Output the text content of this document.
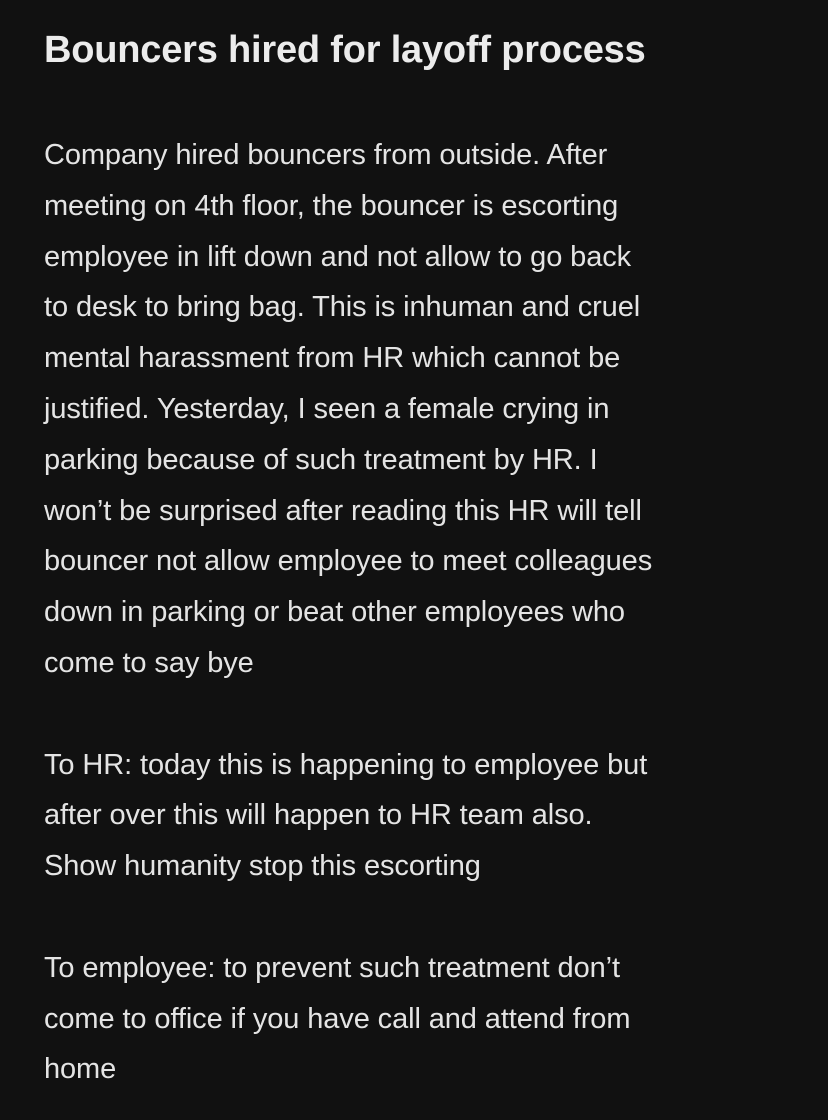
Bouncers hired for layoff process

Company hired bouncers from outside. After
meeting on 4th floor, the bouncer is escorting
employee in lift down and not allow to go back
to desk to bring bag. This is inhuman and cruel
mental harassment from HR which cannot be
justified. Yesterday, I seen a female crying in
parking because of such treatment by HR. I
won’t be surprised after reading this HR will tell
bouncer not allow employee to meet colleagues
down in parking or beat other employees who
come to say bye

To HR: today this is happening to employee but
after over this will happen to HR team also.
Show humanity stop this escorting

To employee: to prevent such treatment don’t
come to office if you have call and attend from
home
